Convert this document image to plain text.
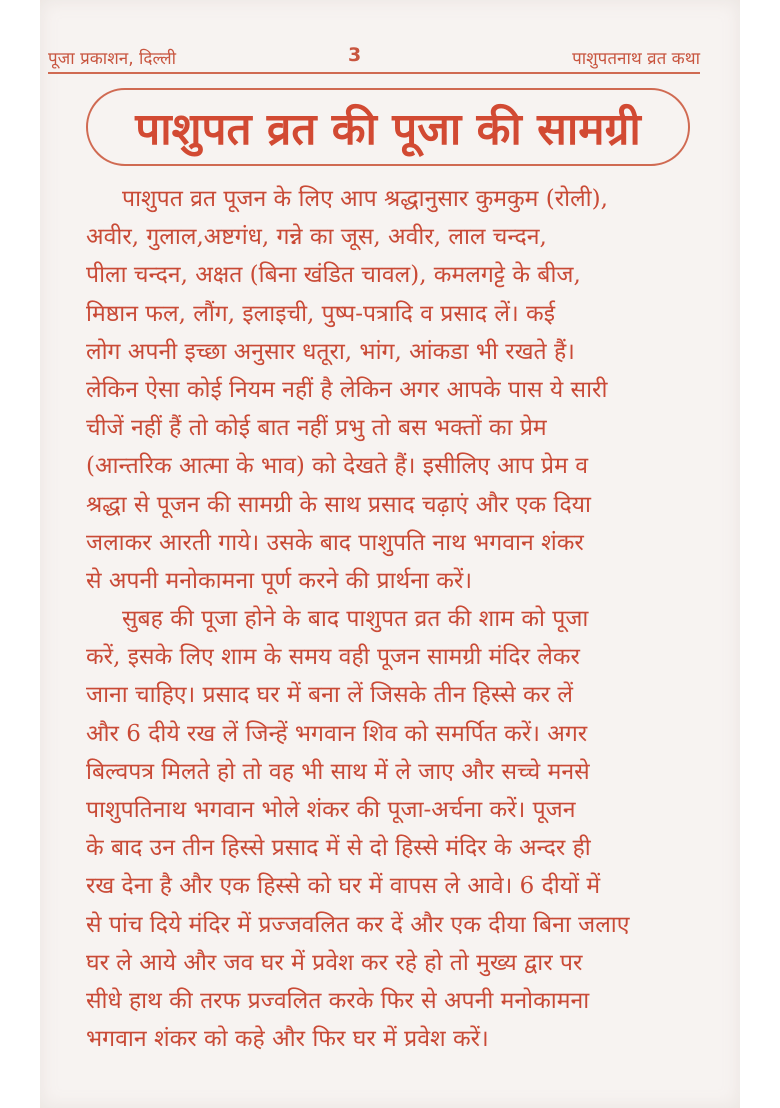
पूजा प्रकाशन, दिल्ली	3	पाशुपतनाथ व्रत कथा
पाशुपत व्रत की पूजा की सामग्री
पाशुपत व्रत पूजन के लिए आप श्रद्धानुसार कुमकुम (रोली),
अवीर, गुलाल,अष्टगंध, गन्ने का जूस, अवीर, लाल चन्दन,
पीला चन्दन, अक्षत (बिना खंडित चावल), कमलगट्टे के बीज,
मिष्ठान फल, लौंग, इलाइची, पुष्प-पत्रादि व प्रसाद लें। कई
लोग अपनी इच्छा अनुसार धतूरा, भांग, आंकडा भी रखते हैं।
लेकिन ऐसा कोई नियम नहीं है लेकिन अगर आपके पास ये सारी
चीजें नहीं हैं तो कोई बात नहीं प्रभु तो बस भक्तों का प्रेम
(आन्तरिक आत्मा के भाव) को देखते हैं। इसीलिए आप प्रेम व
श्रद्धा से पूजन की सामग्री के साथ प्रसाद चढ़ाएं और एक दिया
जलाकर आरती गाये। उसके बाद पाशुपति नाथ भगवान शंकर
से अपनी मनोकामना पूर्ण करने की प्रार्थना करें।
सुबह की पूजा होने के बाद पाशुपत व्रत की शाम को पूजा
करें, इसके लिए शाम के समय वही पूजन सामग्री मंदिर लेकर
जाना चाहिए। प्रसाद घर में बना लें जिसके तीन हिस्से कर लें
और 6 दीये रख लें जिन्हें भगवान शिव को समर्पित करें। अगर
बिल्वपत्र मिलते हो तो वह भी साथ में ले जाए और सच्चे मनसे
पाशुपतिनाथ भगवान भोले शंकर की पूजा-अर्चना करें। पूजन
के बाद उन तीन हिस्से प्रसाद में से दो हिस्से मंदिर के अन्दर ही
रख देना है और एक हिस्से को घर में वापस ले आवे। 6 दीयों में
से पांच दिये मंदिर में प्रज्जवलित कर दें और एक दीया बिना जलाए
घर ले आये और जव घर में प्रवेश कर रहे हो तो मुख्य द्वार पर
सीधे हाथ की तरफ प्रज्वलित करके फिर से अपनी मनोकामना
भगवान शंकर को कहे और फिर घर में प्रवेश करें।
